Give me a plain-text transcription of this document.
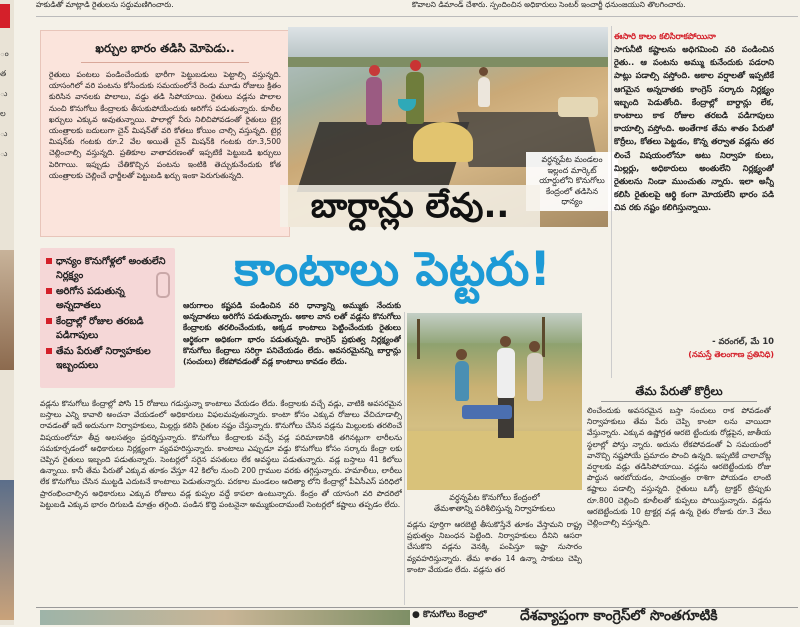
హకుడితో మాట్లాడి రైతులను సద్దుమణిగించారు.	కొవాలని డిమాండ్ చేశారు. స్పందించిన అధికారులు సెంటర్ ఇంచార్జీ ధనుంజయుని తొలగించారు.
ం
త
ు
ల
ు
ు
ఖర్చుల భారం తడిసి మోపెడు..
రైతులు పంటలు పండించేందుకు భారీగా పెట్టుబడులు పెట్టాల్సి వస్తున్నది. యాసంగిలో వరి పంటను కోసేందుకు సమయంలోనే రెండు మూడు రోజులు క్రితం కురిసిన వానలకు పొలాలు, వడ్డు తడి సిపోయాయి. రైతులు వడ్లను పొలాల నుంచి కొనుగోలు కేంద్రాలకు తీసుకుపోయేందుకు అరిగోస పడుతున్నారు. కూలీల ఖర్చులు ఎక్కువ అవుతున్నాయి. పొలాల్లో నీరు నిలిచిపోవడంతో రైతులు టైర్ల యంత్రాలకు బదులుగా చైన్ మిషన్‌తో వరి కోతలు కోయిం చాల్సి వస్తున్నది. టైర్ల మిషన్‌కు గంటకు రూ.2 వేల అయితే చైన్ మిషన్‌కి గంటకు రూ.3,500 చెల్లించాల్సి వస్తున్నది. ప్రతికూల వాతావరణంతో ఇప్పటికే పెట్టుబడి ఖర్చులు పెరిగాయి. ఇప్పుడు చేతికొచ్చిన పంటను ఇంటికి తెచ్చుకునేందుకు కోత యంత్రాలకు చెల్లించే ఛార్జీలతో పెట్టుబడి ఖర్చు ఇంకా పెరుగుతున్నది.
వర్ధన్నపేట మండలం
ఇల్లంద మార్కెట్
యార్డులోని కొనుగోలు
కేంద్రంలో తడిసిన
ధాన్యం
బార్దాన్లు లేవు..
కాంటాలు పెట్టరు!
ధాన్యం కొనుగోళ్లలో అంతులేని నిర్లక్ష్యం
అరిగోస పడుతున్న అన్నదాతలు
కేంద్రాల్లో రోజుల తరబడి పడిగాపులు
తేమ పేరుతో నిర్వాహకుల ఇబ్బందులు
ఆరుగాలం కష్టపడి పండించిన వరి ధాన్యాన్ని అమ్ముకు నేందుకు అన్నదాతలు అరిగోస పడుతున్నారు. అకాల వాన లతో వడ్లను కొనుగోలు కేంద్రాలకు తరలించేందుకు, అక్కడ కాంటాలు పెట్టించేందుకు రైతులు ఆర్థికంగా అధికంగా భారం పడుతున్నది. కాంగ్రెస్ ప్రభుత్వ నిర్లక్ష్యంతో కొనుగోలు కేంద్రాలు సరిగ్గా పనిచేయడం లేదు. అవసరమైనన్ని బార్దాన్లు (సంచులు) లేకపోవడంతో వడ్ల కాంటాలు కావడం లేదు.
ఈసారి కాలం కలిసిరాకపోయినా
సాగునీటి కష్టాలను అధిగమించి వరి పండించిన రైతు.. ఆ పంటను అమ్ము కునేందుకు పడరాని పాట్లు పడాల్సి వస్తోంది. అకాల వర్షాలతో ఇప్పటికే ఆగమైన అన్నదాతకు కాంగ్రెస్ సర్కారు నిర్లక్ష్యం ఇబ్బంది పెడుతోంది. కేంద్రాల్లో బార్దాన్లు లేక, కాంటాలు కాక రోజుల తరబడి పడిగాపులు కాయాల్సి వస్తోంది. అంతేగాక తేమ శాతం పేరుతో కొర్రీలు, కోతలు పెట్టడం, కొన్న తర్వాత వడ్లను తర లించే విషయంలోనూ అటు నిర్వాహ కులు, మిల్లర్లు, అధికారులు అంతులేని నిర్లక్ష్యంతో రైతులను నిండా ముంచుతు న్నారు. ఇలా అన్నీ కలిసి రైతులపై ఆర్థి కంగా మోయలేని భారం పడి చివ రకు నష్టం కలిగిస్తున్నాయి.
- వరంగల్, మే 10
(నమస్తే తెలంగాణ ప్రతినిధి)
వర్ధన్నపేట కొనుగోలు కేంద్రంలో
తేమశాతాన్ని పరిశీలిస్తున్న నిర్వాహకులు
వడ్లను కొనుగోలు కేంద్రాల్లో పోసి 15 రోజులు గడుస్తున్నా కాంటాలు వేయడం లేదు. కేంద్రాలకు వచ్చే వడ్లు, వాటికి అవసరమైన బస్తాలు ఎన్ని కావాలి అంచనా వేయడంలో అధికారులు విఫలమవుతున్నారు. కాంటా కోసం ఎక్కువ రోజులు వేచిచూడాల్సి రావడంతో ఇదే అదునుగా నిర్వాహకులు, మిల్లర్లు కలిసి రైతుల నష్టం చేస్తున్నారు. కొనుగోలు చేసిన వడ్లను మిల్లులకు తరలించే విషయంలోనూ తీవ్ర అలసత్వం ప్రదర్శిస్తున్నారు. కొనుగోలు కేంద్రాలకు వచ్చే వడ్ల పరిమాణానికి తగినట్లుగా లారీలను సమకూర్చడంలో అధికారులు నిర్లక్ష్యంగా వ్యవహరిస్తున్నారు. కాంటాలు ఎప్పుడూ వడ్డు కొనుగోలు కోసం సర్కారు కేంద్రా లకు చెప్పిన రైతులు ఇబ్బంది పడుతున్నారు. సెంటర్లలో సరైన వసతులు లేక అవస్థలు పడుతున్నారు. వడ్ల బస్తాలు 41 కిలోలు ఉన్నాయి. కానీ తేమ పేరుతో ఎక్కువ తూకం వేస్తూ 42 కిలోల నుంచి 200 గ్రాముల వరకు తగ్గిస్తున్నారు. హమాలీలు, లారీలు లేక కొనుగోలు చేసిన ముట్టడి ఎదుటనే కాంటాలు పెడుతున్నారు. పరకాల మండలం ఆదిత్యా లోని కేంద్రాల్లో పీఏసీఎస్ పరిధిలో ప్రారంభించాల్సిన అధికారులు ఎక్కువ రోజులు వడ్ల కుప్పల వద్దే కాపలా ఉంటున్నారు. కేంద్రం తో యాసంగి వరి పొదరిలో పెట్టుబడి ఎక్కువ భారం దిగుబడి మాత్రం తగ్గింది. పండిన కొద్ది పంటనైనా అమ్ముకుందామంటే సెంటర్లలో కష్టాలు తప్పడం లేదు.
వడ్లను పూర్తిగా ఆరబెట్టి తీసుకొస్తేనే తూకం వేస్తామని రాష్ట్ర ప్రభుత్వం నిబంధన పెట్టింది. నిర్వాహకులు దీనిని ఆసరా చేసుకొని వడ్లను వెనక్కి పంపిస్తూ ఇష్టా నుసారం వ్యవహరిస్తున్నారు. తేమ శాతం 14 ఉన్నా సాకులు చెప్పి కాంటా వేయడం లేదు. వడ్లను తర
తేమ పేరుతో కొర్రీలు
లించేందుకు అవసరమైన బస్తా సంచులు రాక పోవడంతో నిర్వాహకులు తేమ పేరు చెప్పి కాంటా లను వాయిదా వేస్తున్నారు. ఎక్కువ ఉష్ణోగ్రత ఆరబె ట్టేందుకు రోడ్లపైన, జాతీయ స్థలాల్లో పోస్తు న్నారు. అదును లేకపోవడంతో ఏ సమయంలో వానొచ్చి నష్టపోయే ప్రమాదం పొంచి ఉన్నది. ఇప్పటికే చాలాచోట్ల వర్షాలకు వడ్లు తడిసిపోయాయి. వడ్లను ఆరబెట్టేందుకు రోజు పొద్దున ఆరబోయడం, సాయంత్రం రాశిగా పోయడం లాంటి కష్టాలు పడాల్సి వస్తున్నది. రైతులు ఒక్కో ట్రాక్టర్ ట్రిప్పుకు రూ.800 చెల్లించి కూలీలతో కుప్పలు పోయిస్తున్నారు. వడ్లను ఆరబెట్టేందుకు 10 ట్రాక్టర్ల వడ్ల ఉన్న రైతు రోజుకు రూ.3 వేలు చెల్లించాల్సి వస్తున్నది.
● కొనుగోలు కేంద్రాలో	దేశవ్యాప్తంగా కాంగ్రెస్‌లో సొంతగూటికి
